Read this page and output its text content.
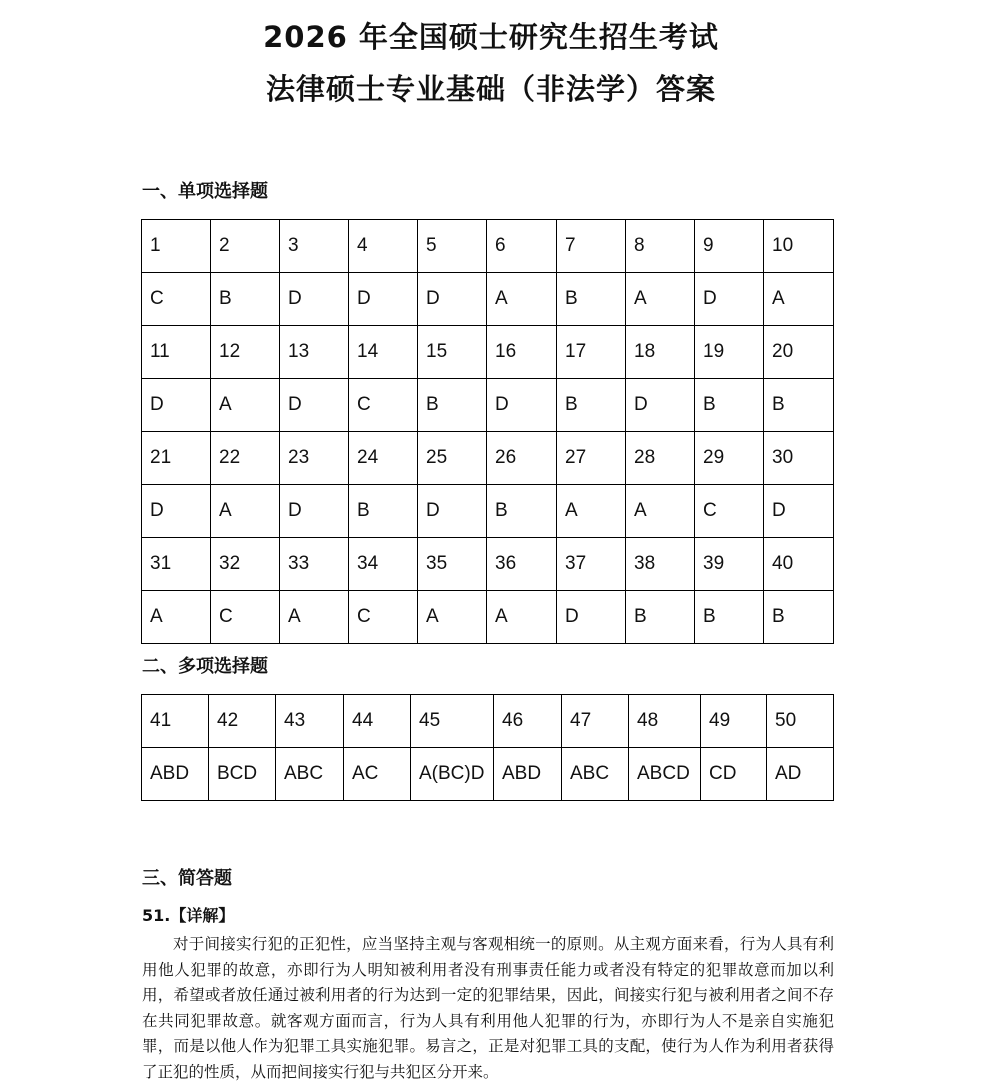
2026 年全国硕士研究生招生考试
法律硕士专业基础（非法学）答案
一、单项选择题
1	2	3	4	5	6	7	8	9	10
C	B	D	D	D	A	B	A	D	A
11	12	13	14	15	16	17	18	19	20
D	A	D	C	B	D	B	D	B	B
21	22	23	24	25	26	27	28	29	30
D	A	D	B	D	B	A	A	C	D
31	32	33	34	35	36	37	38	39	40
A	C	A	C	A	A	D	B	B	B
二、多项选择题
41	42	43	44	45	46	47	48	49	50
ABD	BCD	ABC	AC	A(BC)D	ABD	ABC	ABCD	CD	AD
三、简答题
51.【详解】

对于间接实行犯的正犯性，应当坚持主观与客观相统一的原则。从主观方面来看，行为人具有利用他人犯罪的故意，亦即行为人明知被利用者没有刑事责任能力或者没有特定的犯罪故意而加以利用，希望或者放任通过被利用者的行为达到一定的犯罪结果，因此，间接实行犯与被利用者之间不存在共同犯罪故意。就客观方面而言，行为人具有利用他人犯罪的行为，亦即行为人不是亲自实施犯罪，而是以他人作为犯罪工具实施犯罪。易言之，正是对犯罪工具的支配，使行为人作为利用者获得了正犯的性质，从而把间接实行犯与共犯区分开来。
